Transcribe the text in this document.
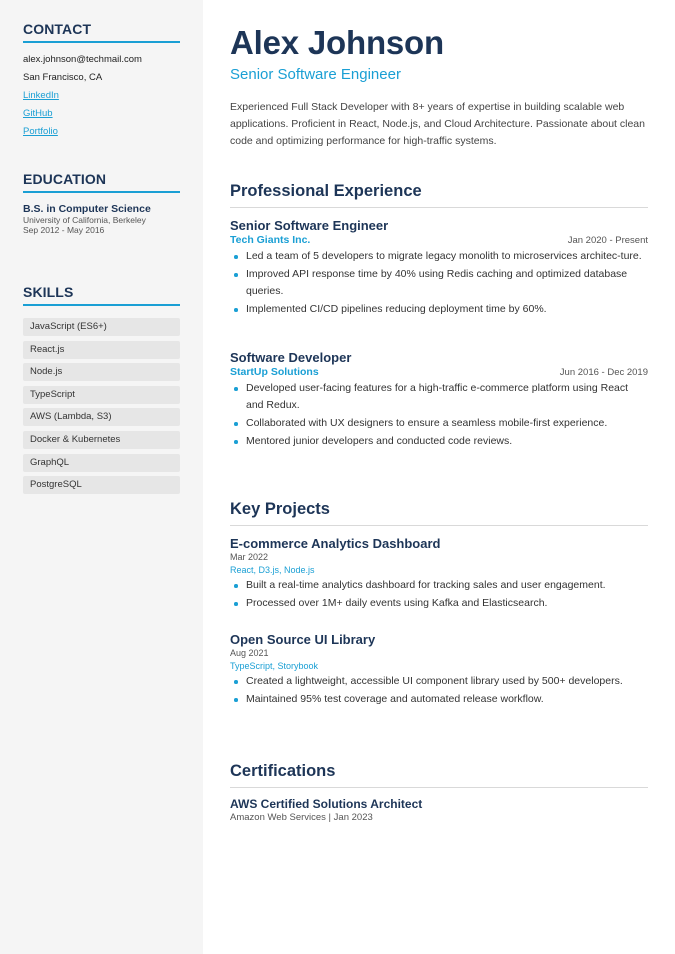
CONTACT
alex.johnson@techmail.com
San Francisco, CA
LinkedIn
GitHub
Portfolio
EDUCATION
B.S. in Computer Science
University of California, Berkeley
Sep 2012 - May 2016
SKILLS
JavaScript (ES6+)
React.js
Node.js
TypeScript
AWS (Lambda, S3)
Docker & Kubernetes
GraphQL
PostgreSQL
Alex Johnson
Senior Software Engineer

Experienced Full Stack Developer with 8+ years of expertise in building scalable web applications. Proficient in React, Node.js, and Cloud Architecture. Passionate about clean code and optimizing performance for high-traffic systems.

Professional Experience
Senior Software Engineer
Tech Giants Inc.	Jan 2020 - Present
Led a team of 5 developers to migrate legacy monolith to microservices architec-ture.
Improved API response time by 40% using Redis caching and optimized database queries.
Implemented CI/CD pipelines reducing deployment time by 60%.
Software Developer
StartUp Solutions	Jun 2016 - Dec 2019
Developed user-facing features for a high-traffic e-commerce platform using React and Redux.
Collaborated with UX designers to ensure a seamless mobile-first experience.
Mentored junior developers and conducted code reviews.
Key Projects
E-commerce Analytics Dashboard
Mar 2022
React, D3.js, Node.js
Built a real-time analytics dashboard for tracking sales and user engagement.
Processed over 1M+ daily events using Kafka and Elasticsearch.
Open Source UI Library
Aug 2021
TypeScript, Storybook
Created a lightweight, accessible UI component library used by 500+ developers.
Maintained 95% test coverage and automated release workflow.
Certifications
AWS Certified Solutions Architect
Amazon Web Services | Jan 2023
